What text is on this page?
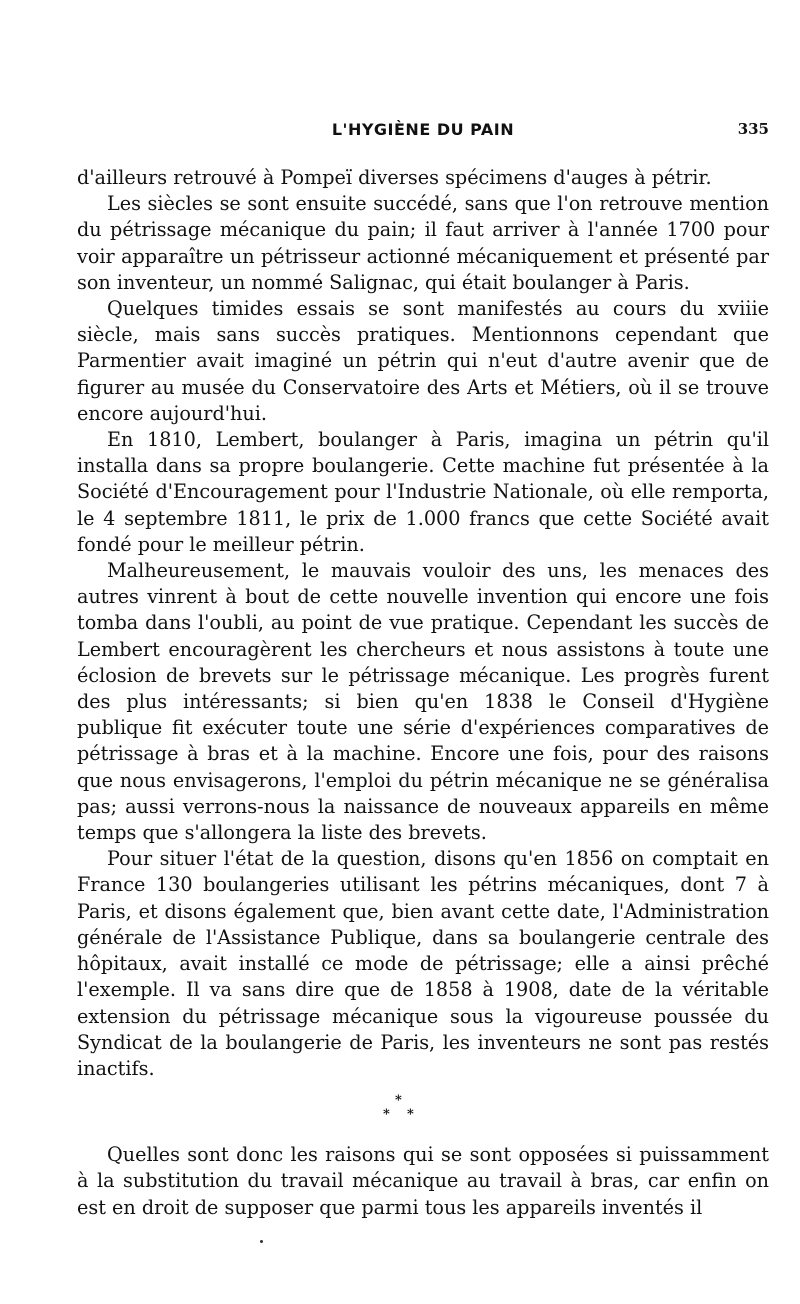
L'HYGIÈNE DU PAIN	335

d'ailleurs retrouvé à Pompeï diverses spécimens d'auges à pétrir.

Les siècles se sont ensuite succédé, sans que l'on retrouve mention du pétrissage mécanique du pain; il faut arriver à l'année 1700 pour voir apparaître un pétrisseur actionné mécaniquement et présenté par son inventeur, un nommé Salignac, qui était boulanger à Paris.

Quelques timides essais se sont manifestés au cours du xviiie siècle, mais sans succès pratiques. Mentionnons cependant que Parmentier avait imaginé un pétrin qui n'eut d'autre avenir que de figurer au musée du Conservatoire des Arts et Métiers, où il se trouve encore aujourd'hui.

En 1810, Lembert, boulanger à Paris, imagina un pétrin qu'il installa dans sa propre boulangerie. Cette machine fut présentée à la Société d'Encouragement pour l'Industrie Nationale, où elle remporta, le 4 septembre 1811, le prix de 1.000 francs que cette Société avait fondé pour le meilleur pétrin.

Malheureusement, le mauvais vouloir des uns, les menaces des autres vinrent à bout de cette nouvelle invention qui encore une fois tomba dans l'oubli, au point de vue pratique. Cependant les succès de Lembert encouragèrent les chercheurs et nous assistons à toute une éclosion de brevets sur le pétrissage mécanique. Les progrès furent des plus intéressants; si bien qu'en 1838 le Conseil d'Hygiène publique fit exécuter toute une série d'expériences comparatives de pétrissage à bras et à la machine. Encore une fois, pour des raisons que nous envisagerons, l'emploi du pétrin mécanique ne se généralisa pas; aussi verrons-nous la naissance de nouveaux appareils en même temps que s'allongera la liste des brevets.

Pour situer l'état de la question, disons qu'en 1856 on comptait en France 130 boulangeries utilisant les pétrins mécaniques, dont 7 à Paris, et disons également que, bien avant cette date, l'Administration générale de l'Assistance Publique, dans sa boulangerie centrale des hôpitaux, avait installé ce mode de pétrissage; elle a ainsi prêché l'exemple. Il va sans dire que de 1858 à 1908, date de la véritable extension du pétrissage mécanique sous la vigoureuse poussée du Syndicat de la boulangerie de Paris, les inventeurs ne sont pas restés inactifs.

*
* *

Quelles sont donc les raisons qui se sont opposées si puissamment à la substitution du travail mécanique au travail à bras, car enfin on est en droit de supposer que parmi tous les appareils inventés il
